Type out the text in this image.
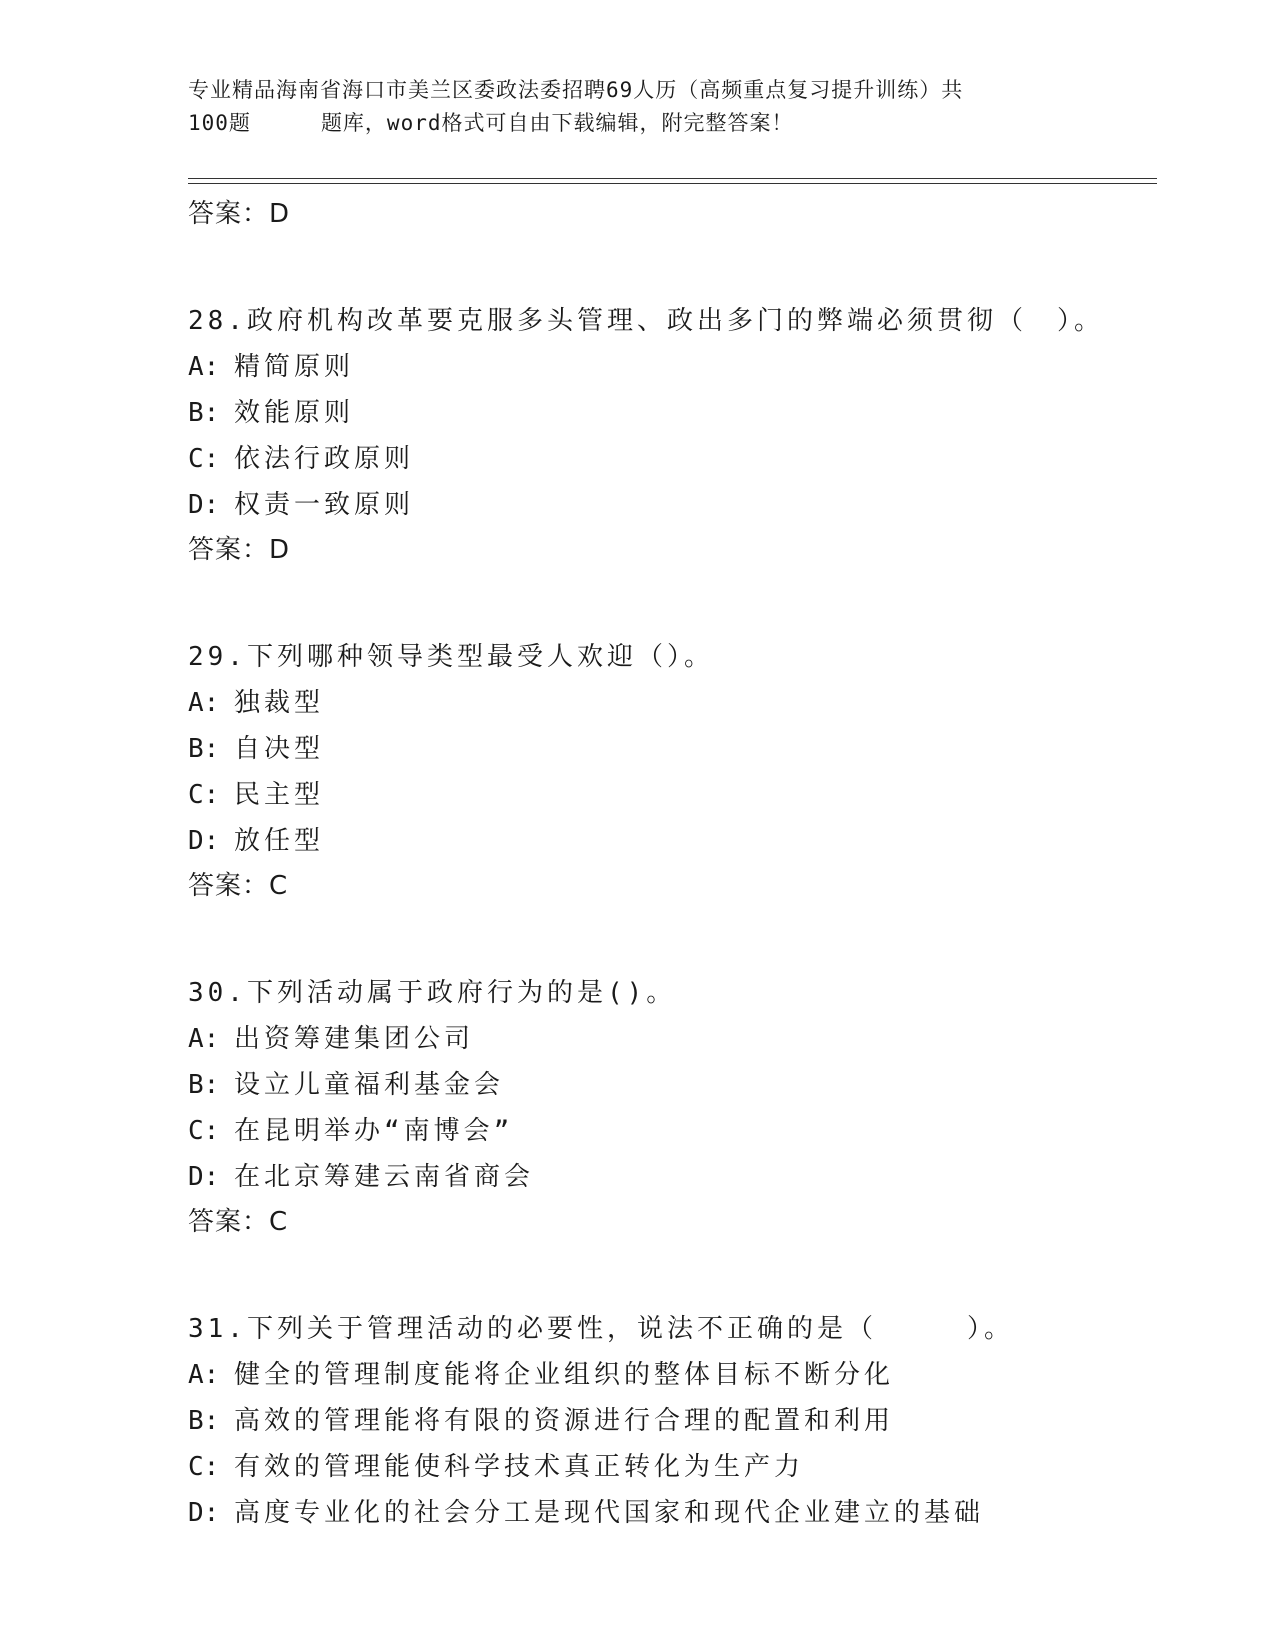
专业精品海南省海口市美兰区委政法委招聘69人历（高频重点复习提升训练）共
100题	题库，word格式可自由下载编辑，附完整答案！
答案：D
28.政府机构改革要克服多头管理、政出多门的弊端必须贯彻（　）。
A: 精简原则
B: 效能原则
C: 依法行政原则
D: 权责一致原则
答案：D
29.下列哪种领导类型最受人欢迎（）。
A: 独裁型
B: 自决型
C: 民主型
D: 放任型
答案：C
30.下列活动属于政府行为的是()。
A: 出资筹建集团公司
B: 设立儿童福利基金会
C: 在昆明举办“南博会”
D: 在北京筹建云南省商会
答案：C
31.下列关于管理活动的必要性，说法不正确的是（　　　）。
A: 健全的管理制度能将企业组织的整体目标不断分化
B: 高效的管理能将有限的资源进行合理的配置和利用
C: 有效的管理能使科学技术真正转化为生产力
D: 高度专业化的社会分工是现代国家和现代企业建立的基础
